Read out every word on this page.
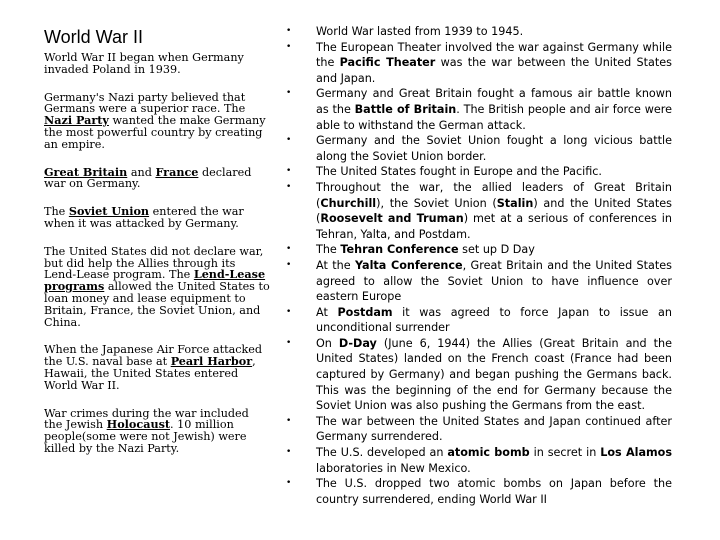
World War II

World War II began when Germany invaded Poland in 1939.

Germany's Nazi party believed that Germans were a superior race. The Nazi Party wanted the make Germany the most powerful country by creating an empire.

Great Britain and France declared war on Germany.

The Soviet Union entered the war when it was attacked by Germany.

The United States did not declare war, but did help the Allies through its Lend-Lease program. The Lend-Lease programs allowed the United States to loan money and lease equipment to Britain, France, the Soviet Union, and China.

When the Japanese Air Force attacked the U.S. naval base at Pearl Harbor, Hawaii, the United States entered World War II.

War crimes during the war included the Jewish Holocaust. 10 million people(some were not Jewish) were killed by the Nazi Party.

• World War lasted from 1939 to 1945.
• The European Theater involved the war against Germany while the Pacific Theater was the war between the United States and Japan.
• Germany and Great Britain fought a famous air battle known as the Battle of Britain. The British people and air force were able to withstand the German attack.
• Germany and the Soviet Union fought a long vicious battle along the Soviet Union border.
• The United States fought in Europe and the Pacific.
• Throughout the war, the allied leaders of Great Britain (Churchill), the Soviet Union (Stalin) and the United States (Roosevelt and Truman) met at a serious of conferences in Tehran, Yalta, and Postdam.
• The Tehran Conference set up D Day
• At the Yalta Conference, Great Britain and the United States agreed to allow the Soviet Union to have influence over eastern Europe
• At Postdam it was agreed to force Japan to issue an unconditional surrender
• On D-Day (June 6, 1944) the Allies (Great Britain and the United States) landed on the French coast (France had been captured by Germany) and began pushing the Germans back. This was the beginning of the end for Germany because the Soviet Union was also pushing the Germans from the east.
• The war between the United States and Japan continued after Germany surrendered.
• The U.S. developed an atomic bomb in secret in Los Alamos laboratories in New Mexico.
• The U.S. dropped two atomic bombs on Japan before the country surrendered, ending World War II
